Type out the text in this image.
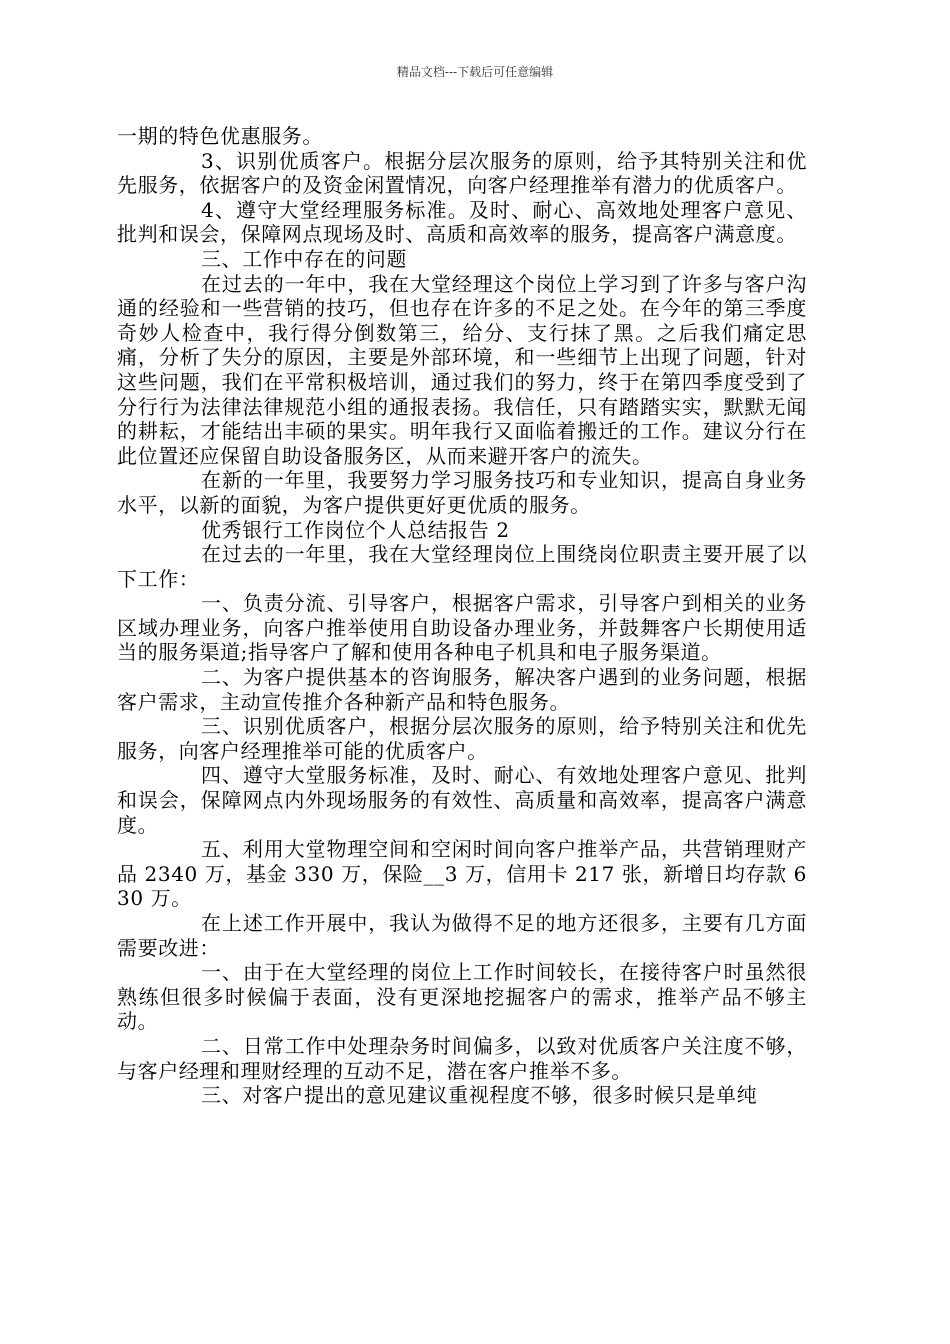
精品文档---下载后可任意编辑

一期的特色优惠服务。

3、识别优质客户。根据分层次服务的原则，给予其特别关注和优先服务，依据客户的及资金闲置情况，向客户经理推举有潜力的优质客户。

4、遵守大堂经理服务标准。及时、耐心、高效地处理客户意见、批判和误会，保障网点现场及时、高质和高效率的服务，提高客户满意度。

三、工作中存在的问题

在过去的一年中，我在大堂经理这个岗位上学习到了许多与客户沟通的经验和一些营销的技巧，但也存在许多的不足之处。在今年的第三季度奇妙人检查中，我行得分倒数第三，给分、支行抹了黑。之后我们痛定思痛，分析了失分的原因，主要是外部环境，和一些细节上出现了问题，针对这些问题，我们在平常积极培训，通过我们的努力，终于在第四季度受到了分行行为法律法律规范小组的通报表扬。我信任，只有踏踏实实，默默无闻的耕耘，才能结出丰硕的果实。明年我行又面临着搬迁的工作。建议分行在此位置还应保留自助设备服务区，从而来避开客户的流失。

在新的一年里，我要努力学习服务技巧和专业知识，提高自身业务水平，以新的面貌，为客户提供更好更优质的服务。

优秀银行工作岗位个人总结报告 2

在过去的一年里，我在大堂经理岗位上围绕岗位职责主要开展了以下工作：

一、负责分流、引导客户，根据客户需求，引导客户到相关的业务区域办理业务，向客户推举使用自助设备办理业务，并鼓舞客户长期使用适当的服务渠道;指导客户了解和使用各种电子机具和电子服务渠道。

二、为客户提供基本的咨询服务，解决客户遇到的业务问题，根据客户需求，主动宣传推介各种新产品和特色服务。

三、识别优质客户，根据分层次服务的原则，给予特别关注和优先服务，向客户经理推举可能的优质客户。

四、遵守大堂服务标准，及时、耐心、有效地处理客户意见、批判和误会，保障网点内外现场服务的有效性、高质量和高效率，提高客户满意度。

五、利用大堂物理空间和空闲时间向客户推举产品，共营销理财产品 2340 万，基金 330 万，保险__3 万，信用卡 217 张，新增日均存款 630 万。

在上述工作开展中，我认为做得不足的地方还很多，主要有几方面需要改进：

一、由于在大堂经理的岗位上工作时间较长，在接待客户时虽然很熟练但很多时候偏于表面，没有更深地挖掘客户的需求，推举产品不够主动。

二、日常工作中处理杂务时间偏多，以致对优质客户关注度不够，与客户经理和理财经理的互动不足，潜在客户推举不多。

三、对客户提出的意见建议重视程度不够，很多时候只是单纯
